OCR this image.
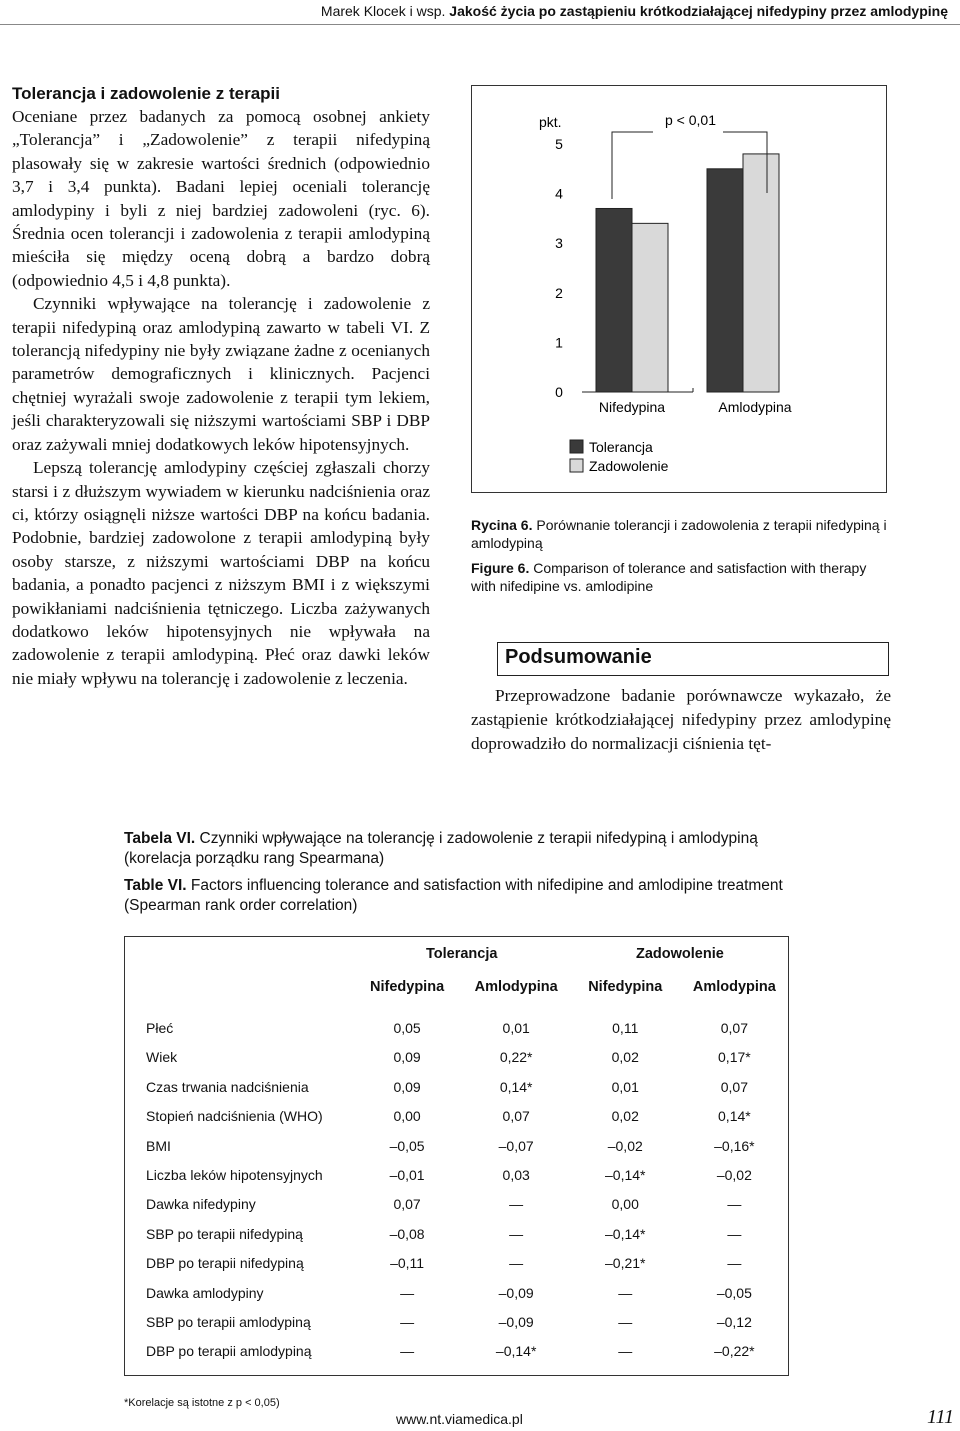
Marek Klocek i wsp. Jakość życia po zastąpieniu krótkodziałającej nifedypiny przez amlodypinę
Tolerancja i zadowolenie z terapii

Oceniane przez badanych za pomocą osobnej ankiety „Tolerancja” i „Zadowolenie” z terapii nifedypiną plasowały się w zakresie wartości średnich (odpowiednio 3,7 i 3,4 punkta). Badani lepiej oceniali tolerancję amlodypiny i byli z niej bardziej zadowoleni (ryc. 6). Średnia ocen tolerancji i zadowolenia z terapii amlodypiną mieściła się między oceną dobrą a bardzo dobrą (odpowiednio 4,5 i 4,8 punkta).

Czynniki wpływające na tolerancję i zadowolenie z terapii nifedypiną oraz amlodypiną zawarto w tabeli VI. Z tolerancją nifedypiny nie były związane żadne z ocenianych parametrów demograficznych i klinicznych. Pacjenci chętniej wyrażali swoje zadowolenie z terapii tym lekiem, jeśli charakteryzowali się niższymi wartościami SBP i DBP oraz zażywali mniej dodatkowych leków hipotensyjnych.

Lepszą tolerancję amlodypiny częściej zgłaszali chorzy starsi i z dłuższym wywiadem w kierunku nadciśnienia oraz ci, którzy osiągnęli niższe wartości DBP na końcu badania. Podobnie, bardziej zadowolone z terapii amlodypiną były osoby starsze, z niższymi wartościami DBP na końcu badania, a ponadto pacjenci z niższym BMI i z większymi powikłaniami nadciśnienia tętniczego. Liczba zażywanych dodatkowo leków hipotensyjnych nie wpływała na zadowolenie z terapii amlodypiną. Płeć oraz dawki leków nie miały wpływu na tolerancję i zadowolenie z leczenia.

pkt.
0
1
2
3
4
5
Nifedypina	Amlodypina
p < 0,01
Tolerancja
Zadowolenie
Rycina 6. Porównanie tolerancji i zadowolenia z terapii nifedypiną i amlodypiną
Figure 6. Comparison of tolerance and satisfaction with therapy with nifedipine vs. amlodipine
Podsumowanie

Przeprowadzone badanie porównawcze wykazało, że zastąpienie krótkodziałającej nifedypiny przez amlodypinę doprowadziło do normalizacji ciśnienia tęt-

Tabela VI. Czynniki wpływające na tolerancję i zadowolenie z terapii nifedypiną i amlodypiną (korelacja porządku rang Spearmana)
Table VI. Factors influencing tolerance and satisfaction with nifedipine and amlodipine treatment (Spearman rank order correlation)
	Tolerancja		Zadowolenie	
	Nifedypina	Amlodypina	Nifedypina	Amlodypina

Płeć	0,05	0,01	0,11	0,07
Wiek	0,09	0,22*	0,02	0,17*
Czas trwania nadciśnienia	0,09	0,14*	0,01	0,07
Stopień nadciśnienia (WHO)	0,00	0,07	0,02	0,14*
BMI	–0,05	–0,07	–0,02	–0,16*
Liczba leków hipotensyjnych	–0,01	0,03	–0,14*	–0,02
Dawka nifedypiny	0,07	—	0,00	—
SBP po terapii nifedypiną	–0,08	—	–0,14*	—
DBP po terapii nifedypiną	–0,11	—	–0,21*	—
Dawka amlodypiny	—	–0,09	—	–0,05
SBP po terapii amlodypiną	—	–0,09	—	–0,12
DBP po terapii amlodypiną	—	–0,14*	—	–0,22*
*Korelacje są istotne z p < 0,05)
www.nt.viamedica.pl	111
